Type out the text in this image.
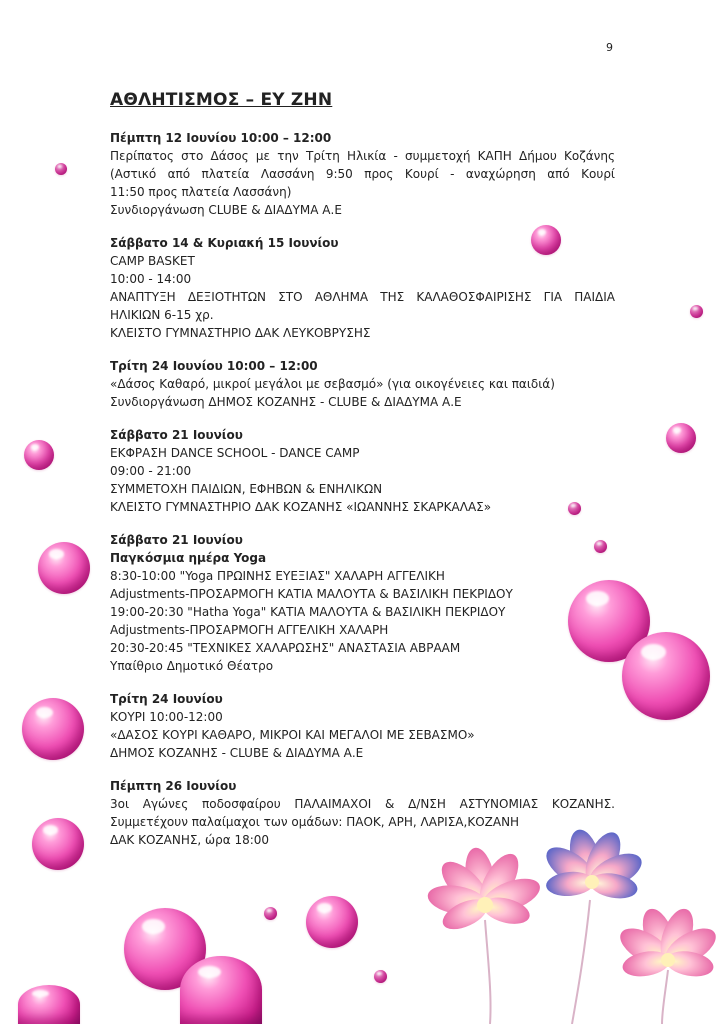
9
ΑΘΛΗΤΙΣΜΟΣ – ΕΥ ΖΗΝ
Πέμπτη 12 Ιουνίου 10:00 – 12:00
Περίπατος στο Δάσος με την Τρίτη Ηλικία - συμμετοχή ΚΑΠΗ Δήμου Κοζάνης
(Αστικό από πλατεία Λασσάνη 9:50 προς Κουρί - αναχώρηση από Κουρί
11:50 προς πλατεία Λασσάνη)
Συνδιοργάνωση CLUBE & ΔΙΑΔΥΜΑ Α.Ε
Σάββατο 14 & Κυριακή 15 Ιουνίου
CAMP BASKET
10:00 - 14:00
ΑΝΑΠΤΥΞΗ ΔΕΞΙΟΤΗΤΩΝ ΣΤΟ ΑΘΛΗΜΑ ΤΗΣ ΚΑΛΑΘΟΣΦΑΙΡΙΣΗΣ ΓΙΑ ΠΑΙΔΙΑ
ΗΛΙΚΙΩΝ 6-15 χρ.
ΚΛΕΙΣΤΟ ΓΥΜΝΑΣΤΗΡΙΟ ΔΑΚ ΛΕΥΚΟΒΡΥΣΗΣ
Τρίτη 24 Ιουνίου 10:00 – 12:00
«Δάσος Καθαρό, μικροί μεγάλοι με σεβασμό» (για οικογένειες και παιδιά)
Συνδιοργάνωση ΔΗΜΟΣ ΚΟΖΑΝΗΣ - CLUBE & ΔΙΑΔΥΜΑ Α.Ε
Σάββατο 21 Ιουνίου
ΕΚΦΡΑΣΗ DANCE SCHOOL - DANCE CAMP
09:00 - 21:00
ΣΥΜΜΕΤΟΧΗ ΠΑΙΔΙΩΝ, ΕΦΗΒΩΝ & ΕΝΗΛΙΚΩΝ
ΚΛΕΙΣΤΟ ΓΥΜΝΑΣΤΗΡΙΟ ΔΑΚ ΚΟΖΑΝΗΣ «ΙΩΑΝΝΗΣ ΣΚΑΡΚΑΛΑΣ»
Σάββατο 21 Ιουνίου
Παγκόσμια ημέρα Yoga
8:30-10:00 "Yoga ΠΡΩΙΝΗΣ ΕΥΕΞΙΑΣ" ΧΑΛΑΡΗ ΑΓΓΕΛΙΚΗ
Adjustments-ΠΡΟΣΑΡΜΟΓΗ ΚΑΤΙΑ ΜΑΛΟΥΤΑ & ΒΑΣΙΛΙΚΗ ΠΕΚΡΙΔΟΥ
19:00-20:30 "Hatha Yoga" ΚΑΤΙΑ ΜΑΛΟΥΤΑ & ΒΑΣΙΛΙΚΗ ΠΕΚΡΙΔΟΥ
Adjustments-ΠΡΟΣΑΡΜΟΓΗ ΑΓΓΕΛΙΚΗ ΧΑΛΑΡΗ
20:30-20:45 "ΤΕΧΝΙΚΕΣ ΧΑΛΑΡΩΣΗΣ" ΑΝΑΣΤΑΣΙΑ ΑΒΡΑΑΜ
Υπαίθριο Δημοτικό Θέατρο
Τρίτη 24 Ιουνίου
ΚΟΥΡΙ 10:00-12:00
«ΔΑΣΟΣ ΚΟΥΡΙ ΚΑΘΑΡΟ, ΜΙΚΡΟΙ ΚΑΙ ΜΕΓΑΛΟΙ ΜΕ ΣΕΒΑΣΜΟ»
ΔΗΜΟΣ ΚΟΖΑΝΗΣ - CLUBE & ΔΙΑΔΥΜΑ Α.Ε
Πέμπτη 26 Ιουνίου
3οι Αγώνες ποδοσφαίρου ΠΑΛΑΙΜΑΧΟΙ & Δ/ΝΣΗ ΑΣΤΥΝΟΜΙΑΣ ΚΟΖΑΝΗΣ.
Συμμετέχουν παλαίμαχοι των ομάδων: ΠΑΟΚ, ΑΡΗ, ΛΑΡΙΣΑ,ΚΟΖΑΝΗ
ΔΑΚ ΚΟΖΑΝΗΣ, ώρα 18:00
